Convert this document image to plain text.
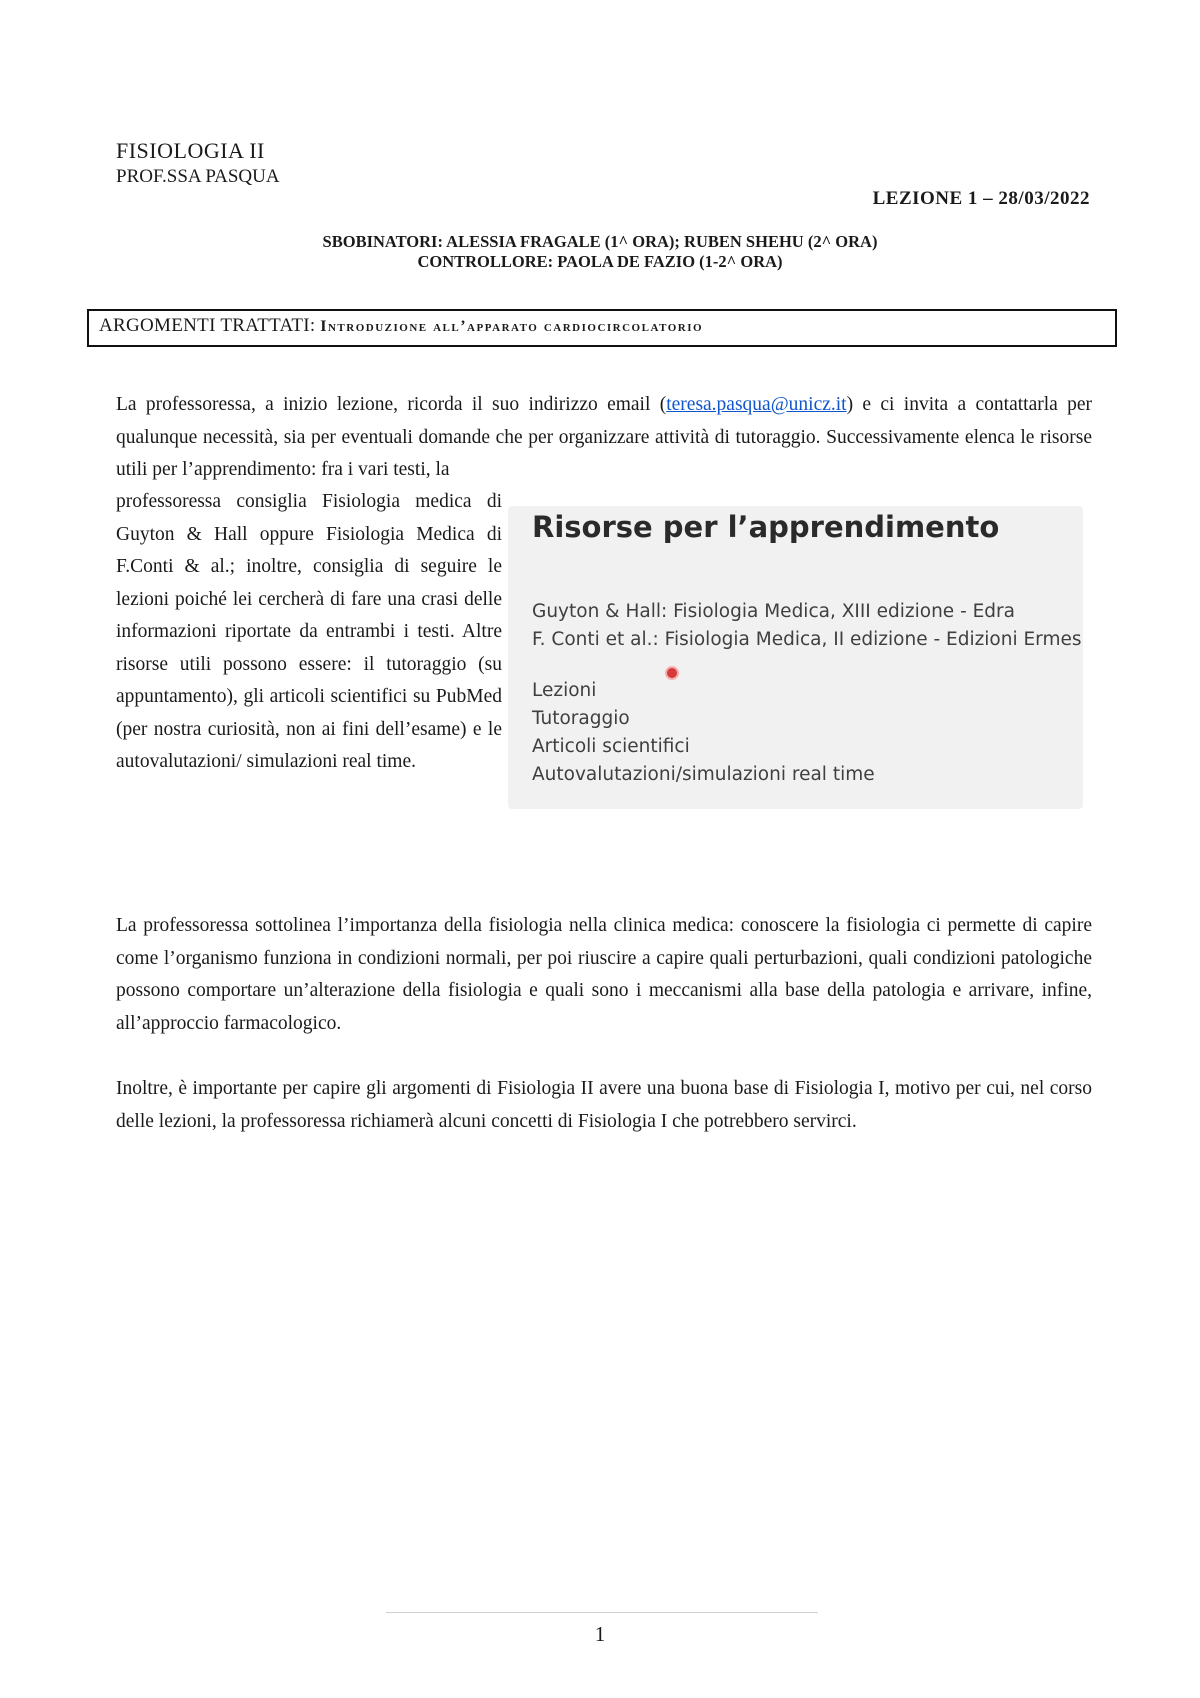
FISIOLOGIA II
PROF.SSA PASQUA
LEZIONE 1 – 28/03/2022
SBOBINATORI: ALESSIA FRAGALE (1^ ORA); RUBEN SHEHU (2^ ORA)
CONTROLLORE: PAOLA DE FAZIO (1-2^ ORA)
ARGOMENTI TRATTATI: Introduzione all’apparato cardiocircolatorio

La professoressa, a inizio lezione, ricorda il suo indirizzo email (teresa.pasqua@unicz.it) e ci invita a contattarla per qualunque necessità, sia per eventuali domande che per organizzare attività di tutoraggio. Successivamente elenca le risorse utili per l’apprendimento: fra i vari testi, la

professoressa consiglia Fisiologia medica di Guyton & Hall oppure Fisiologia Medica di F.Conti & al.; inoltre, consiglia di seguire le lezioni poiché lei cercherà di fare una crasi delle informazioni riportate da entrambi i testi. Altre risorse utili possono essere: il tutoraggio (su appuntamento), gli articoli scientifici su PubMed (per nostra curiosità, non ai fini dell’esame) e le autovalutazioni/ simulazioni real time.

Risorse per l’apprendimento
Guyton & Hall: Fisiologia Medica, XIII edizione - Edra
F. Conti et al.: Fisiologia Medica, II edizione - Edizioni Ermes
Lezioni
Tutoraggio
Articoli scientifici
Autovalutazioni/simulazioni real time

La professoressa sottolinea l’importanza della fisiologia nella clinica medica: conoscere la fisiologia ci permette di capire come l’organismo funziona in condizioni normali, per poi riuscire a capire quali perturbazioni, quali condizioni patologiche possono comportare un’alterazione della fisiologia e quali sono i meccanismi alla base della patologia e arrivare, infine, all’approccio farmacologico.

Inoltre, è importante per capire gli argomenti di Fisiologia II avere una buona base di Fisiologia I, motivo per cui, nel corso delle lezioni, la professoressa richiamerà alcuni concetti di Fisiologia I che potrebbero servirci.

1
